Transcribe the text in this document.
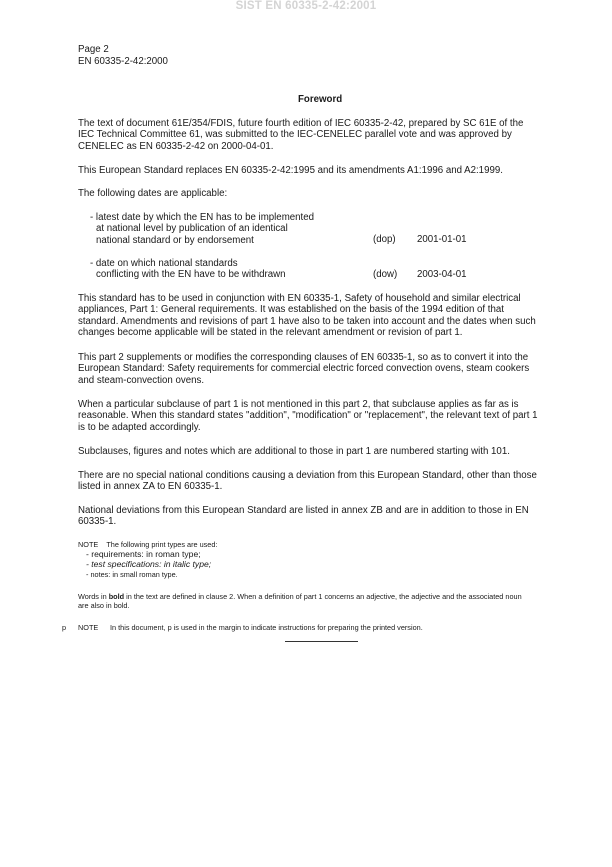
SIST EN 60335-2-42:2001
Page 2
EN 60335-2-42:2000
Foreword
The text of document 61E/354/FDIS, future fourth edition of IEC 60335-2-42, prepared by SC 61E of the IEC Technical Committee 61, was submitted to the IEC-CENELEC parallel vote and was approved by CENELEC as EN 60335-2-42 on 2000-04-01.
This European Standard replaces EN 60335-2-42:1995 and its amendments A1:1996 and A2:1999.
The following dates are applicable:
- latest date by which the EN has to be implemented
at national level by publication of an identical
national standard or by endorsement	(dop) 2001-01-01
- date on which national standards
conflicting with the EN have to be withdrawn	(dow) 2003-04-01
This standard has to be used in conjunction with EN 60335-1, Safety of household and similar electrical appliances, Part 1: General requirements. It was established on the basis of the 1994 edition of that standard. Amendments and revisions of part 1 have also to be taken into account and the dates when such changes become applicable will be stated in the relevant amendment or revision of part 1.
This part 2 supplements or modifies the corresponding clauses of EN 60335-1, so as to convert it into the European Standard: Safety requirements for commercial electric forced convection ovens, steam cookers and steam-convection ovens.
When a particular subclause of part 1 is not mentioned in this part 2, that subclause applies as far as is reasonable. When this standard states "addition", "modification" or "replacement", the relevant text of part 1 is to be adapted accordingly.
Subclauses, figures and notes which are additional to those in part 1 are numbered starting with 101.
There are no special national conditions causing a deviation from this European Standard, other than those listed in annex ZA to EN 60335-1.
National deviations from this European Standard are listed in annex ZB and are in addition to those in EN 60335-1.
NOTE The following print types are used:
- requirements: in roman type;
- test specifications: in italic type;
- notes: in small roman type.
Words in bold in the text are defined in clause 2. When a definition of part 1 concerns an adjective, the adjective and the associated noun are also in bold.
p NOTE In this document, p is used in the margin to indicate instructions for preparing the printed version.
